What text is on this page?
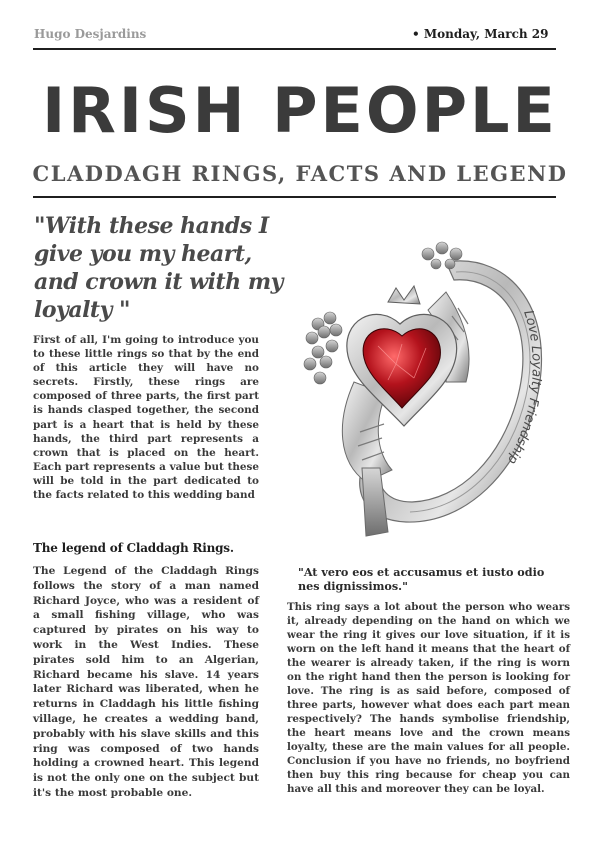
Hugo Desjardins	• Monday, March 29
IRISH PEOPLE
CLADDAGH RINGS, FACTS AND LEGEND
"With these hands I give you my heart, and crown it with my loyalty "
First of all, I'm going to introduce you to these little rings so that by the end of this article they will have no secrets. Firstly, these rings are composed of three parts, the first part is hands clasped together, the second part is a heart that is held by these hands, the third part represents a crown that is placed on the heart. Each part represents a value but these will be told in the part dedicated to the facts related to this wedding band
The legend of Claddagh Rings.
The Legend of the Claddagh Rings follows the story of a man named Richard Joyce, who was a resident of a small fishing village, who was captured by pirates on his way to work in the West Indies. These pirates sold him to an Algerian, Richard became his slave. 14 years later Richard was liberated, when he returns in Claddagh his little fishing village, he creates a wedding band, probably with his slave skills and this ring was composed of two hands holding a crowned heart. This legend is not the only one on the subject but it's the most probable one.
"At vero eos et accusamus et iusto odio nes dignissimos."
This ring says a lot about the person who wears it, already depending on the hand on which we wear the ring it gives our love situation, if it is worn on the left hand it means that the heart of the wearer is already taken, if the ring is worn on the right hand then the person is looking for love. The ring is as said before, composed of three parts, however what does each part mean respectively? The hands symbolise friendship, the heart means love and the crown means loyalty, these are the main values for all people. Conclusion if you have no friends, no boyfriend then buy this ring because for cheap you can have all this and moreover they can be loyal.
Love Loyalty Friendship
